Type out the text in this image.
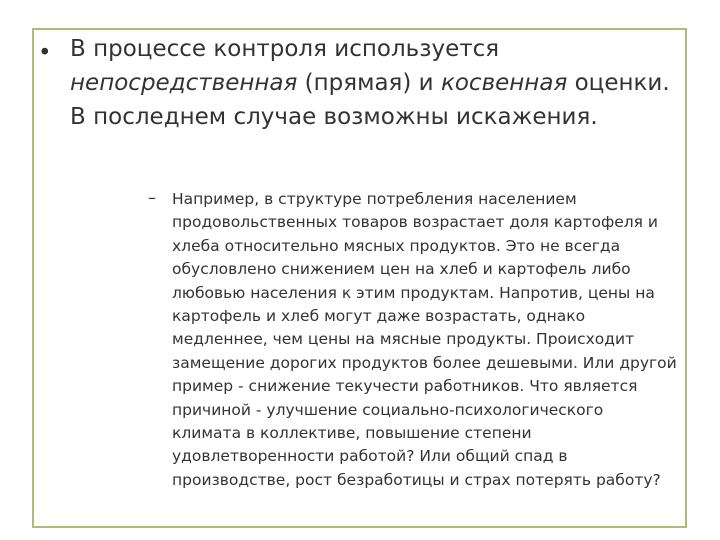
• В процессе контроля используется непосредственная (прямая) и косвенная оценки. В последнем случае возможны искажения.

– Например, в структуре потребления населением продовольственных товаров возрастает доля картофеля и хлеба относительно мясных продуктов. Это не всегда обусловлено снижением цен на хлеб и картофель либо любовью населения к этим продуктам. Напротив, цены на картофель и хлеб могут даже возрастать, однако медленнее, чем цены на мясные продукты. Происходит замещение дорогих продуктов более дешевыми. Или другой пример - снижение текучести работников. Что является причиной - улучшение социально-психологического климата в коллективе, повышение степени удовлетворенности работой? Или общий спад в производстве, рост безработицы и страх потерять работу?
